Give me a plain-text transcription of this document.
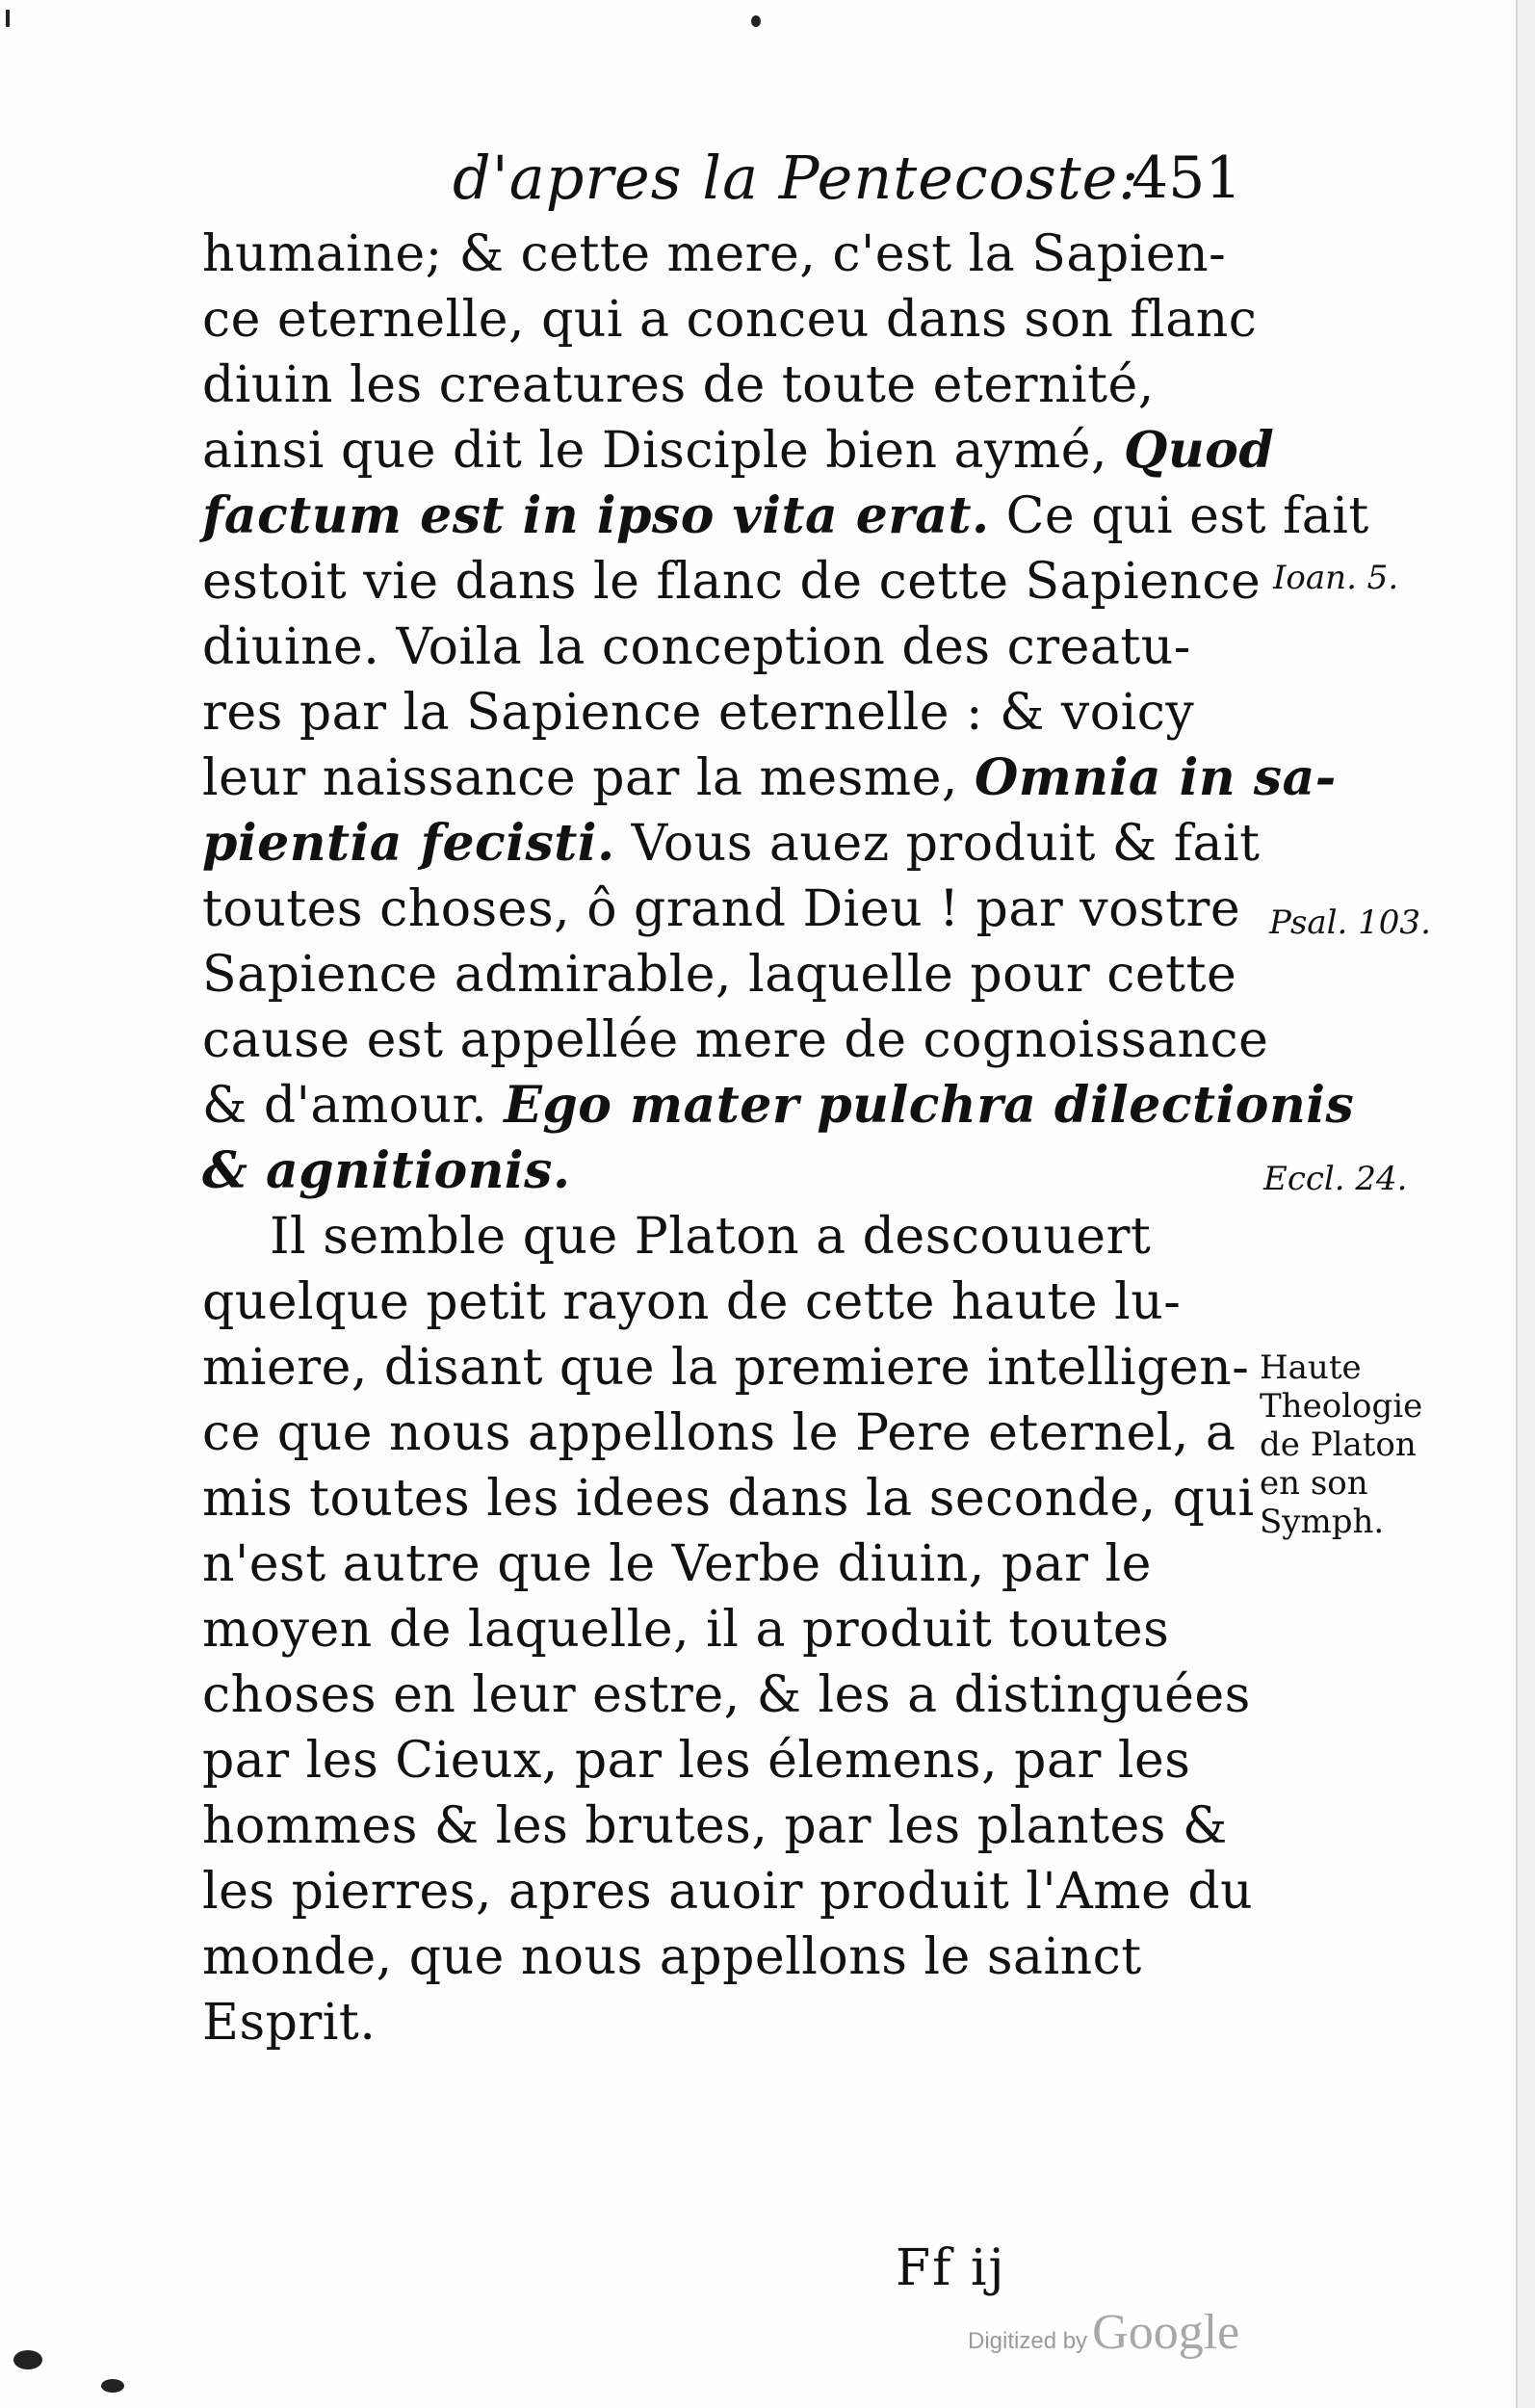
d'apres la Pentecoste:
451
humaine; & cette mere, c'est la Sapien-
ce eternelle, qui a conceu dans son flanc
diuin les creatures de toute eternité,
ainsi que dit le Disciple bien aymé, Quod
factum est in ipso vita erat. Ce qui est fait
estoit vie dans le flanc de cette Sapience
diuine. Voila la conception des creatu-
res par la Sapience eternelle : & voicy
leur naissance par la mesme, Omnia in sa-
pientia fecisti. Vous auez produit & fait
toutes choses, ô grand Dieu ! par vostre
Sapience admirable, laquelle pour cette
cause est appellée mere de cognoissance
& d'amour. Ego mater pulchra dilectionis
& agnitionis.
Il semble que Platon a descouuert
quelque petit rayon de cette haute lu-
miere, disant que la premiere intelligen-
ce que nous appellons le Pere eternel, a
mis toutes les idees dans la seconde, qui
n'est autre que le Verbe diuin, par le
moyen de laquelle, il a produit toutes
choses en leur estre, & les a distinguées
par les Cieux, par les élemens, par les
hommes & les brutes, par les plantes &
les pierres, apres auoir produit l'Ame du
monde, que nous appellons le sainct
Esprit.
Ioan. 5.
Psal. 103.
Eccl. 24.
Haute
Theologie
de Platon
en son
Symph.
Ff ij
Digitized by Google
